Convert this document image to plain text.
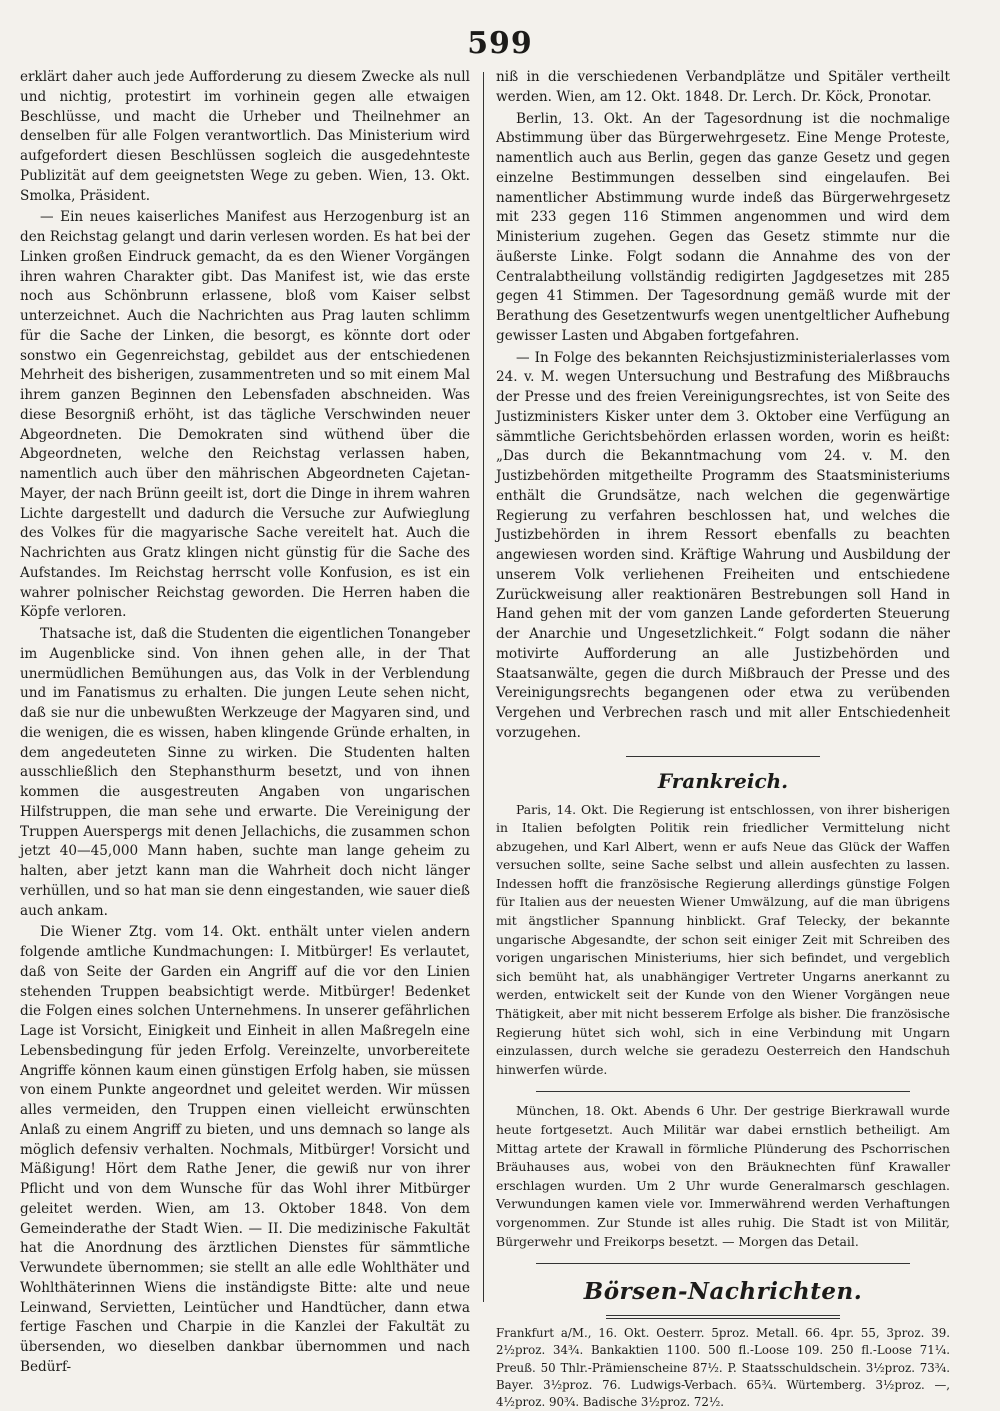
599

erklärt daher auch jede Aufforderung zu diesem Zwecke als null und nichtig, protestirt im vorhinein gegen alle etwaigen Beschlüsse, und macht die Urheber und Theilnehmer an denselben für alle Folgen verantwortlich. Das Ministerium wird aufgefordert diesen Beschlüssen sogleich die ausgedehnteste Publizität auf dem geeignetsten Wege zu geben. Wien, 13. Okt. Smolka, Präsident.

— Ein neues kaiserliches Manifest aus Herzogenburg ist an den Reichstag gelangt und darin verlesen worden. Es hat bei der Linken großen Eindruck gemacht, da es den Wiener Vorgängen ihren wahren Charakter gibt. Das Manifest ist, wie das erste noch aus Schönbrunn erlassene, bloß vom Kaiser selbst unterzeichnet. Auch die Nachrichten aus Prag lauten schlimm für die Sache der Linken, die besorgt, es könnte dort oder sonstwo ein Gegenreichstag, gebildet aus der entschiedenen Mehrheit des bisherigen, zusammentreten und so mit einem Mal ihrem ganzen Beginnen den Lebensfaden abschneiden. Was diese Besorgniß erhöht, ist das tägliche Verschwinden neuer Abgeordneten. Die Demokraten sind wüthend über die Abgeordneten, welche den Reichstag verlassen haben, namentlich auch über den mährischen Abgeordneten Cajetan-Mayer, der nach Brünn geeilt ist, dort die Dinge in ihrem wahren Lichte dargestellt und dadurch die Versuche zur Aufwieglung des Volkes für die magyarische Sache vereitelt hat. Auch die Nachrichten aus Gratz klingen nicht günstig für die Sache des Aufstandes. Im Reichstag herrscht volle Konfusion, es ist ein wahrer polnischer Reichstag geworden. Die Herren haben die Köpfe verloren.

Thatsache ist, daß die Studenten die eigentlichen Tonangeber im Augenblicke sind. Von ihnen gehen alle, in der That unermüdlichen Bemühungen aus, das Volk in der Verblendung und im Fanatismus zu erhalten. Die jungen Leute sehen nicht, daß sie nur die unbewußten Werkzeuge der Magyaren sind, und die wenigen, die es wissen, haben klingende Gründe erhalten, in dem angedeuteten Sinne zu wirken. Die Studenten halten ausschließlich den Stephansthurm besetzt, und von ihnen kommen die ausgestreuten Angaben von ungarischen Hilfstruppen, die man sehe und erwarte. Die Vereinigung der Truppen Auerspergs mit denen Jellachichs, die zusammen schon jetzt 40—45,000 Mann haben, suchte man lange geheim zu halten, aber jetzt kann man die Wahrheit doch nicht länger verhüllen, und so hat man sie denn eingestanden, wie sauer dieß auch ankam.

Die Wiener Ztg. vom 14. Okt. enthält unter vielen andern folgende amtliche Kundmachungen: I. Mitbürger! Es verlautet, daß von Seite der Garden ein Angriff auf die vor den Linien stehenden Truppen beabsichtigt werde. Mitbürger! Bedenket die Folgen eines solchen Unternehmens. In unserer gefährlichen Lage ist Vorsicht, Einigkeit und Einheit in allen Maßregeln eine Lebensbedingung für jeden Erfolg. Vereinzelte, unvorbereitete Angriffe können kaum einen günstigen Erfolg haben, sie müssen von einem Punkte angeordnet und geleitet werden. Wir müssen alles vermeiden, den Truppen einen vielleicht erwünschten Anlaß zu einem Angriff zu bieten, und uns demnach so lange als möglich defensiv verhalten. Nochmals, Mitbürger! Vorsicht und Mäßigung! Hört dem Rathe Jener, die gewiß nur von ihrer Pflicht und von dem Wunsche für das Wohl ihrer Mitbürger geleitet werden. Wien, am 13. Oktober 1848. Von dem Gemeinderathe der Stadt Wien. — II. Die medizinische Fakultät hat die Anordnung des ärztlichen Dienstes für sämmtliche Verwundete übernommen; sie stellt an alle edle Wohlthäter und Wohlthäterinnen Wiens die inständigste Bitte: alte und neue Leinwand, Servietten, Leintücher und Handtücher, dann etwa fertige Faschen und Charpie in die Kanzlei der Fakultät zu übersenden, wo dieselben dankbar übernommen und nach Bedürf-

niß in die verschiedenen Verbandplätze und Spitäler vertheilt werden. Wien, am 12. Okt. 1848. Dr. Lerch. Dr. Köck, Pronotar.

Berlin, 13. Okt. An der Tagesordnung ist die nochmalige Abstimmung über das Bürgerwehrgesetz. Eine Menge Proteste, namentlich auch aus Berlin, gegen das ganze Gesetz und gegen einzelne Bestimmungen desselben sind eingelaufen. Bei namentlicher Abstimmung wurde indeß das Bürgerwehrgesetz mit 233 gegen 116 Stimmen angenommen und wird dem Ministerium zugehen. Gegen das Gesetz stimmte nur die äußerste Linke. Folgt sodann die Annahme des von der Centralabtheilung vollständig redigirten Jagdgesetzes mit 285 gegen 41 Stimmen. Der Tagesordnung gemäß wurde mit der Berathung des Gesetzentwurfs wegen unentgeltlicher Aufhebung gewisser Lasten und Abgaben fortgefahren.

— In Folge des bekannten Reichsjustizministerialerlasses vom 24. v. M. wegen Untersuchung und Bestrafung des Mißbrauchs der Presse und des freien Vereinigungsrechtes, ist von Seite des Justizministers Kisker unter dem 3. Oktober eine Verfügung an sämmtliche Gerichtsbehörden erlassen worden, worin es heißt: „Das durch die Bekanntmachung vom 24. v. M. den Justizbehörden mitgetheilte Programm des Staatsministeriums enthält die Grundsätze, nach welchen die gegenwärtige Regierung zu verfahren beschlossen hat, und welches die Justizbehörden in ihrem Ressort ebenfalls zu beachten angewiesen worden sind. Kräftige Wahrung und Ausbildung der unserem Volk verliehenen Freiheiten und entschiedene Zurückweisung aller reaktionären Bestrebungen soll Hand in Hand gehen mit der vom ganzen Lande geforderten Steuerung der Anarchie und Ungesetzlichkeit.“ Folgt sodann die näher motivirte Aufforderung an alle Justizbehörden und Staatsanwälte, gegen die durch Mißbrauch der Presse und des Vereinigungsrechts begangenen oder etwa zu verübenden Vergehen und Verbrechen rasch und mit aller Entschiedenheit vorzugehen.

Frankreich.

Paris, 14. Okt. Die Regierung ist entschlossen, von ihrer bisherigen in Italien befolgten Politik rein friedlicher Vermittelung nicht abzugehen, und Karl Albert, wenn er aufs Neue das Glück der Waffen versuchen sollte, seine Sache selbst und allein ausfechten zu lassen. Indessen hofft die französische Regierung allerdings günstige Folgen für Italien aus der neuesten Wiener Umwälzung, auf die man übrigens mit ängstlicher Spannung hinblickt. Graf Telecky, der bekannte ungarische Abgesandte, der schon seit einiger Zeit mit Schreiben des vorigen ungarischen Ministeriums, hier sich befindet, und vergeblich sich bemüht hat, als unabhängiger Vertreter Ungarns anerkannt zu werden, entwickelt seit der Kunde von den Wiener Vorgängen neue Thätigkeit, aber mit nicht besserem Erfolge als bisher. Die französische Regierung hütet sich wohl, sich in eine Verbindung mit Ungarn einzulassen, durch welche sie geradezu Oesterreich den Handschuh hinwerfen würde.

München, 18. Okt. Abends 6 Uhr. Der gestrige Bierkrawall wurde heute fortgesetzt. Auch Militär war dabei ernstlich betheiligt. Am Mittag artete der Krawall in förmliche Plünderung des Pschorrischen Bräuhauses aus, wobei von den Bräuknechten fünf Krawaller erschlagen wurden. Um 2 Uhr wurde Generalmarsch geschlagen. Verwundungen kamen viele vor. Immerwährend werden Verhaftungen vorgenommen. Zur Stunde ist alles ruhig. Die Stadt ist von Militär, Bürgerwehr und Freikorps besetzt. — Morgen das Detail.

Börsen-Nachrichten.

Frankfurt a/M., 16. Okt. Oesterr. 5proz. Metall. 66. 4pr. 55, 3proz. 39. 2½proz. 34¾. Bankaktien 1100. 500 fl.-Loose 109. 250 fl.-Loose 71¼. Preuß. 50 Thlr.-Prämienscheine 87½. P. Staatsschuldschein. 3½proz. 73¾. Bayer. 3½proz. 76. Ludwigs-Verbach. 65¾. Würtemberg. 3½proz. —, 4½proz. 90¾. Badische 3½proz. 72½.
